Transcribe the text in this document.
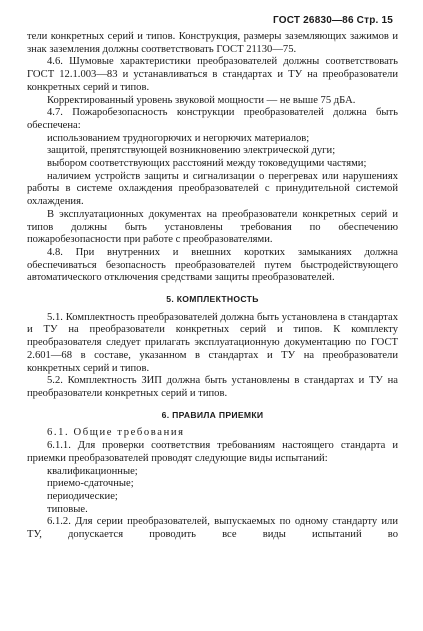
ГОСТ 26830—86 Стр. 15

тели конкретных серий и типов. Конструкция, размеры заземляющих зажимов и знак заземления должны соответствовать ГОСТ 21130—75.

4.6. Шумовые характеристики преобразователей должны соответствовать ГОСТ 12.1.003—83 и устанавливаться в стандартах и ТУ на преобразователи конкретных серий и типов.

Корректированный уровень звуковой мощности — не выше 75 дБА.

4.7. Пожаробезопасность конструкции преобразователей должна быть обеспечена:

использованием трудногорючих и негорючих материалов;

защитой, препятствующей возникновению электрической дуги;

выбором соответствующих расстояний между токоведущими частями;

наличием устройств защиты и сигнализации о перегревах или нарушениях работы в системе охлаждения преобразователей с принудительной системой охлаждения.

В эксплуатационных документах на преобразователи конкретных серий и типов должны быть установлены требования по обеспечению пожаробезопасности при работе с преобразователями.

4.8. При внутренних и внешних коротких замыканиях должна обеспечиваться безопасность преобразователей путем быстродействующего автоматического отключения средствами защиты преобразователей.

5. КОМПЛЕКТНОСТЬ

5.1. Комплектность преобразователей должна быть установлена в стандартах и ТУ на преобразователи конкретных серий и типов. К комплекту преобразователя следует прилагать эксплуатационную документацию по ГОСТ 2.601—68 в составе, указанном в стандартах и ТУ на преобразователи конкретных серий и типов.

5.2. Комплектность ЗИП должна быть установлены в стандартах и ТУ на преобразователи конкретных серий и типов.

6. ПРАВИЛА ПРИЕМКИ

6.1. Общие требования

6.1.1. Для проверки соответствия требованиям настоящего стандарта и приемки преобразователей проводят следующие виды испытаний:

квалификационные;

приемо-сдаточные;

периодические;

типовые.

6.1.2. Для серии преобразователей, выпускаемых по одному стандарту или ТУ, допускается проводить все виды испытаний во
